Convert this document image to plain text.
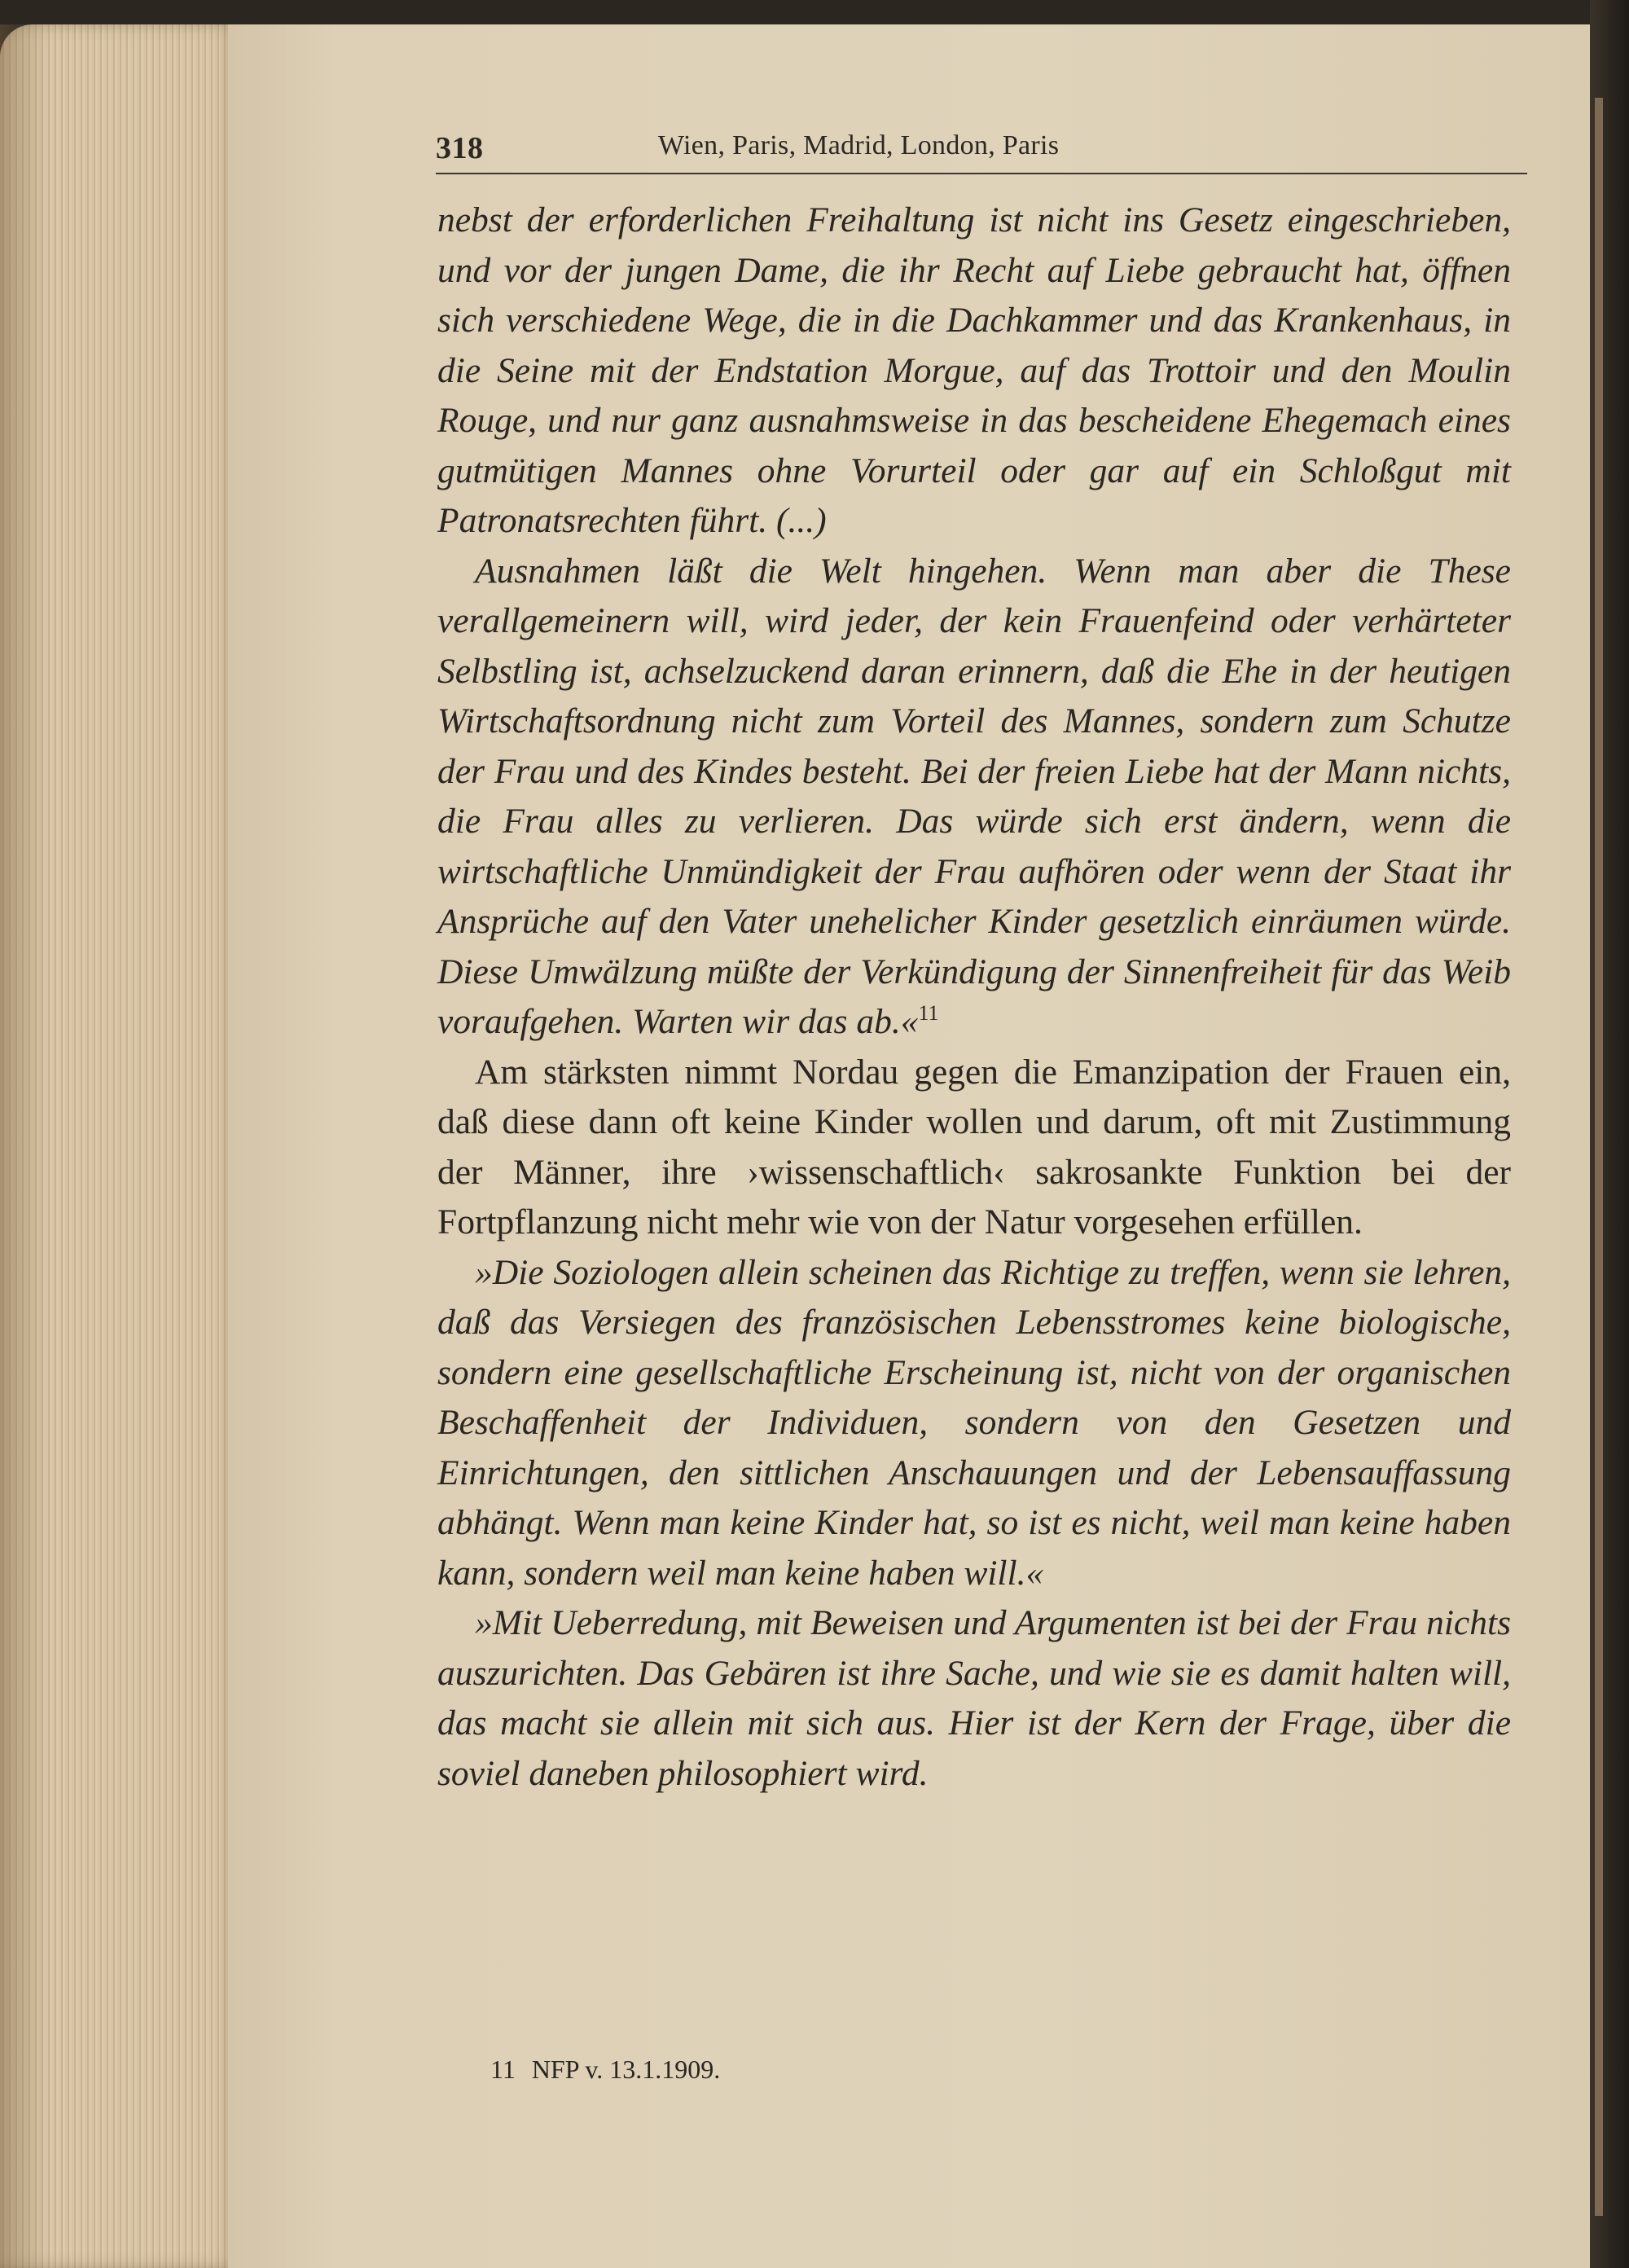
318	Wien, Paris, Madrid, London, Paris

nebst der erforderlichen Freihaltung ist nicht ins Gesetz eingeschrieben, und vor der jungen Dame, die ihr Recht auf Liebe gebraucht hat, öffnen sich verschiedene Wege, die in die Dachkammer und das Krankenhaus, in die Seine mit der Endstation Morgue, auf das Trottoir und den Moulin Rouge, und nur ganz ausnahmsweise in das bescheidene Ehegemach eines gutmütigen Mannes ohne Vorurteil oder gar auf ein Schloßgut mit Patronatsrechten führt. (...)

Ausnahmen läßt die Welt hingehen. Wenn man aber die These verallgemeinern will, wird jeder, der kein Frauenfeind oder verhärteter Selbstling ist, achselzuckend daran erinnern, daß die Ehe in der heutigen Wirtschaftsordnung nicht zum Vorteil des Mannes, sondern zum Schutze der Frau und des Kindes besteht. Bei der freien Liebe hat der Mann nichts, die Frau alles zu verlieren. Das würde sich erst ändern, wenn die wirtschaftliche Unmündigkeit der Frau aufhören oder wenn der Staat ihr Ansprüche auf den Vater unehelicher Kinder gesetzlich einräumen würde. Diese Umwälzung müßte der Verkündigung der Sinnenfreiheit für das Weib voraufgehen. Warten wir das ab.«$^{11}$

Am stärksten nimmt Nordau gegen die Emanzipation der Frauen ein, daß diese dann oft keine Kinder wollen und darum, oft mit Zustimmung der Männer, ihre ›wissenschaftlich‹ sakrosankte Funktion bei der Fortpflanzung nicht mehr wie von der Natur vorgesehen erfüllen.

»Die Soziologen allein scheinen das Richtige zu treffen, wenn sie lehren, daß das Versiegen des französischen Lebensstromes keine biologische, sondern eine gesellschaftliche Erscheinung ist, nicht von der organischen Beschaffenheit der Individuen, sondern von den Gesetzen und Einrichtungen, den sittlichen Anschauungen und der Lebensauffassung abhängt. Wenn man keine Kinder hat, so ist es nicht, weil man keine haben kann, sondern weil man keine haben will.«

»Mit Ueberredung, mit Beweisen und Argumenten ist bei der Frau nichts auszurichten. Das Gebären ist ihre Sache, und wie sie es damit halten will, das macht sie allein mit sich aus. Hier ist der Kern der Frage, über die soviel daneben philosophiert wird.

11 NFP v. 13.1.1909.
